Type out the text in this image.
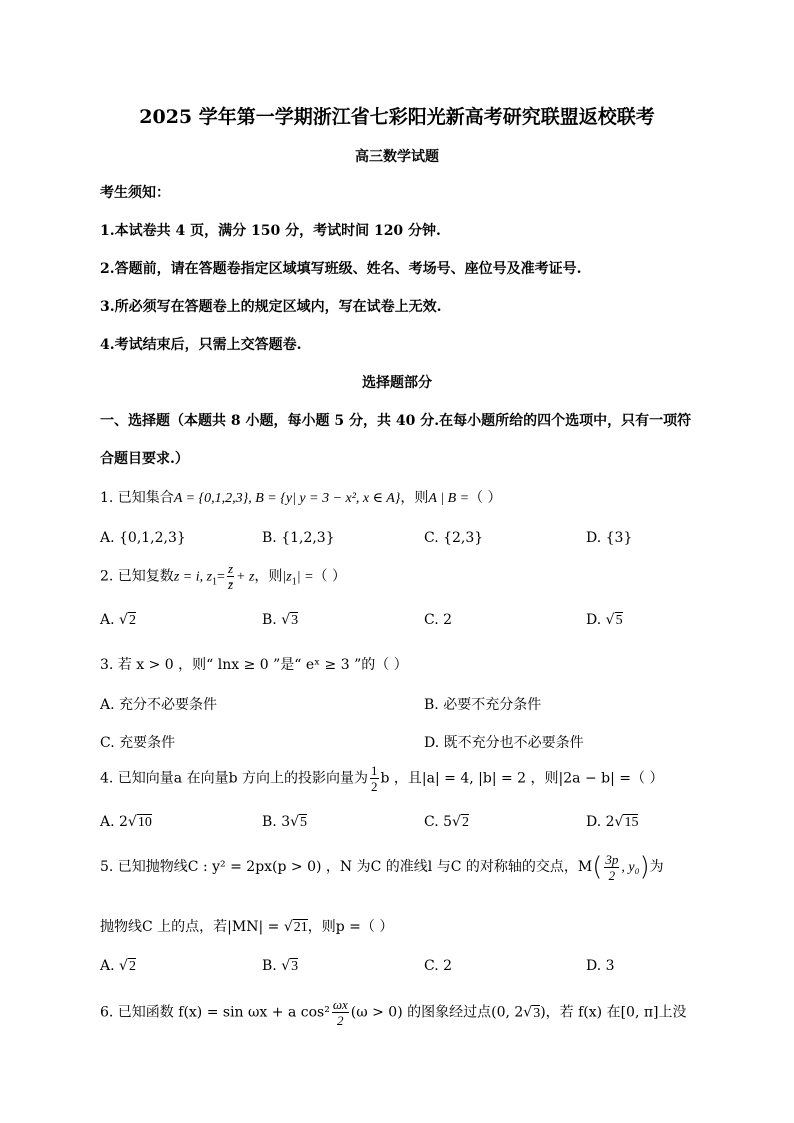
2025 学年第一学期浙江省七彩阳光新高考研究联盟返校联考
高三数学试题
考生须知：
1.本试卷共 4 页，满分 150 分，考试时间 120 分钟.
2.答题前，请在答题卷指定区域填写班级、姓名、考场号、座位号及准考证号.
3.所必须写在答题卷上的规定区域内，写在试卷上无效.
4.考试结束后，只需上交答题卷.
选择题部分
一、选择题（本题共 8 小题，每小题 5 分，共 40 分.在每小题所给的四个选项中，只有一项符
合题目要求.）
1. 已知集合A = {0,1,2,3}, B = {y| y = 3 − x², x ∈ A}，则A | B =（ ）
A. {0,1,2,3}	B. {1,2,3}	C. {2,3}	D. {3}
2. 已知复数z = i, $z_1= \frac{z}{z̄} + z$，则$|z_1|$ =（ ）
A. √2	B. √3	C. 2	D. √5
3. 若 x > 0 ，则“ lnx ≥ 0 ”是“ eˣ ≥ 3 ”的（ ）
A. 充分不必要条件	B. 必要不充分条件
C. 充要条件	D. 既不充分也不必要条件
4. 已知向量a 在向量b 方向上的投影向量为 $\frac{1}{2}$ b ，且|a| = 4, |b| = 2 ，则|2a − b| =（ ）
A. 2√10	B. 3√5	C. 5√2	D. 2√15
5. 已知抛物线C : y² = 2px(p > 0) ，N 为C 的准线l 与C 的对称轴的交点，$M( \frac{3p}{2}$ , y₀)为
抛物线C 上的点，若|MN| = √21，则p =（ ）
A. √2	B. √3	C. 2	D. 3
6. 已知函数 f(x) = sin ωx + a $\cos^2 \frac{\omega x}{2} (\omega > 0)$ 的图象经过点(0, 2√3)，若 f(x) 在[0, π]上没
